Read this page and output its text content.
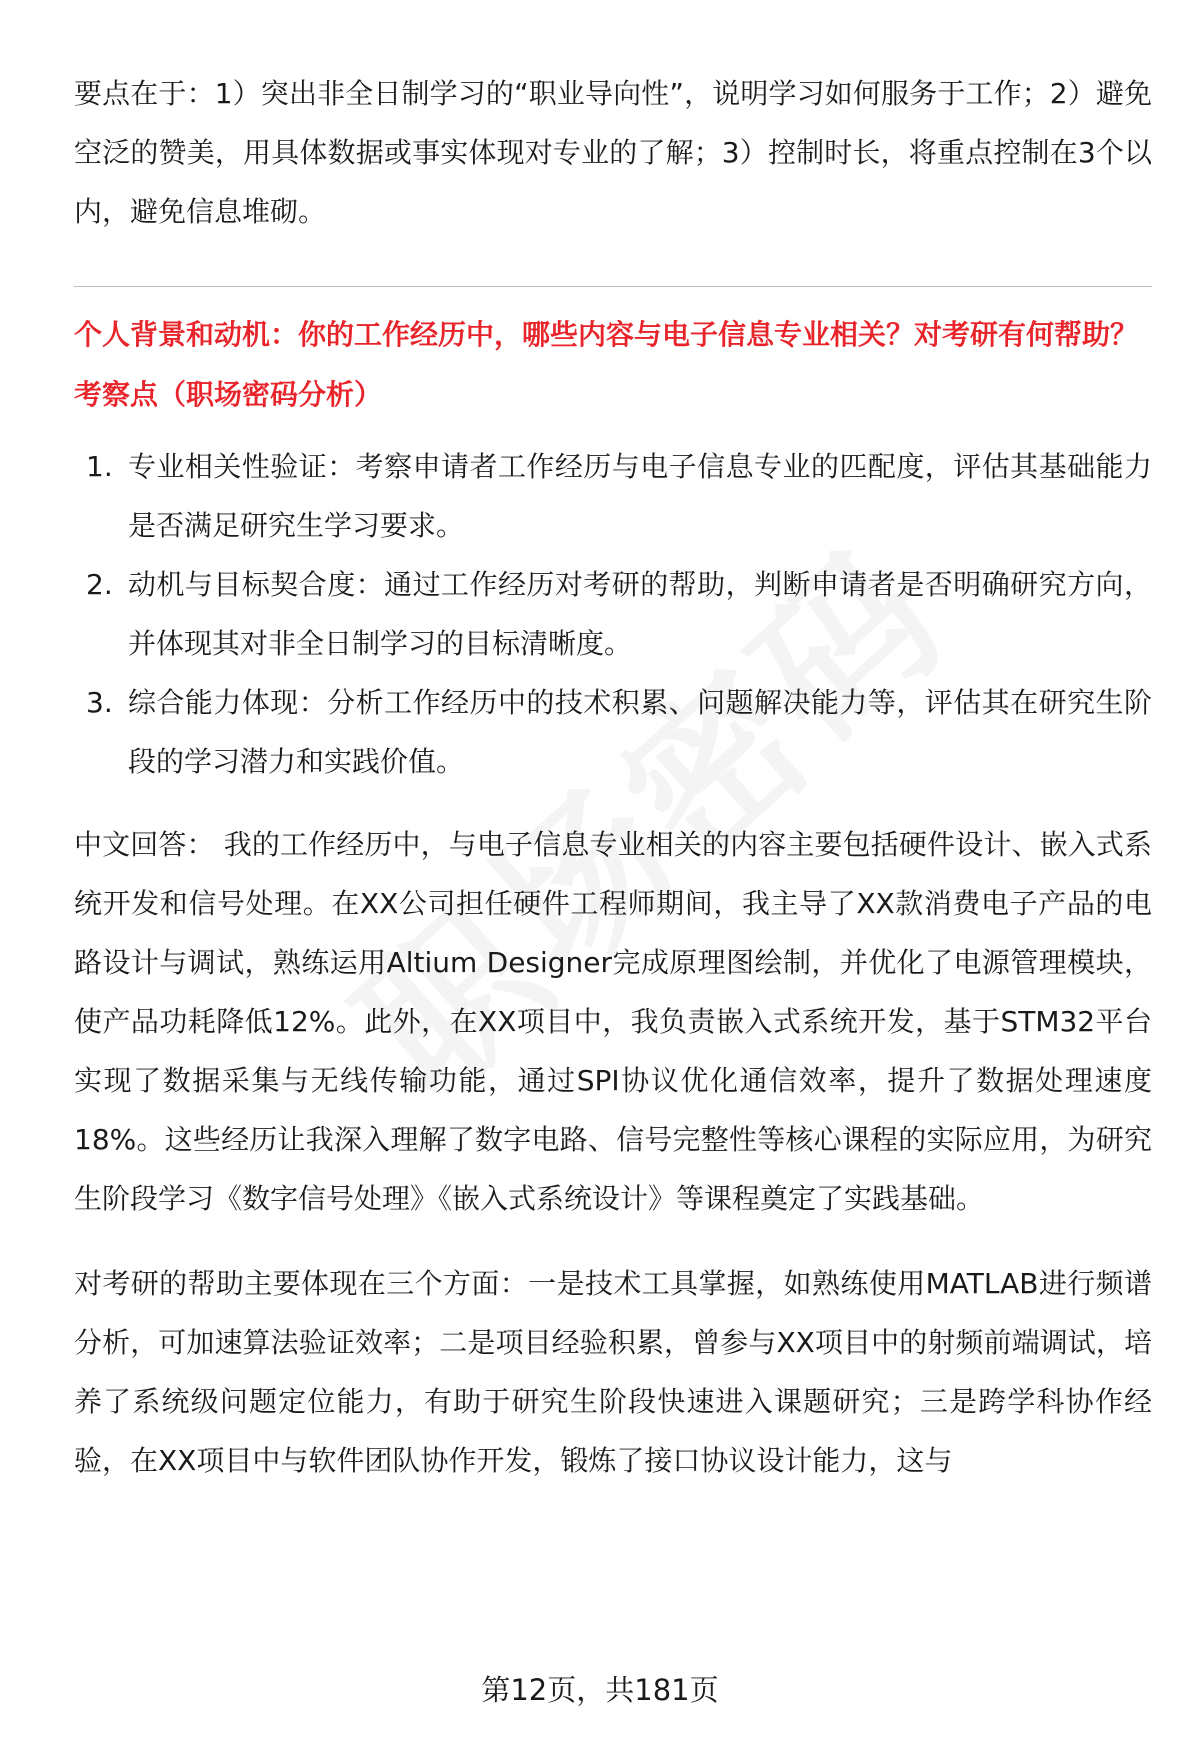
要点在于：1）突出非全日制学习的“职业导向性”，说明学习如何服务于工作；2）避免空泛的赞美，用具体数据或事实体现对专业的了解；3）控制时长，将重点控制在3个以内，避免信息堆砌。

个人背景和动机：你的工作经历中，哪些内容与电子信息专业相关？对考研有何帮助？
考察点（职场密码分析）
1. 专业相关性验证：考察申请者工作经历与电子信息专业的匹配度，评估其基础能力是否满足研究生学习要求。
2. 动机与目标契合度：通过工作经历对考研的帮助，判断申请者是否明确研究方向，并体现其对非全日制学习的目标清晰度。
3. 综合能力体现：分析工作经历中的技术积累、问题解决能力等，评估其在研究生阶段的学习潜力和实践价值。

中文回答： 我的工作经历中，与电子信息专业相关的内容主要包括硬件设计、嵌入式系统开发和信号处理。在XX公司担任硬件工程师期间，我主导了XX款消费电子产品的电路设计与调试，熟练运用Altium Designer完成原理图绘制，并优化了电源管理模块，使产品功耗降低12%。此外，在XX项目中，我负责嵌入式系统开发，基于STM32平台实现了数据采集与无线传输功能，通过SPI协议优化通信效率，提升了数据处理速度18%。这些经历让我深入理解了数字电路、信号完整性等核心课程的实际应用，为研究生阶段学习《数字信号处理》《嵌入式系统设计》等课程奠定了实践基础。

对考研的帮助主要体现在三个方面：一是技术工具掌握，如熟练使用MATLAB进行频谱分析，可加速算法验证效率；二是项目经验积累，曾参与XX项目中的射频前端调试，培养了系统级问题定位能力，有助于研究生阶段快速进入课题研究；三是跨学科协作经验，在XX项目中与软件团队协作开发，锻炼了接口协议设计能力，这与

第12页，共181页
